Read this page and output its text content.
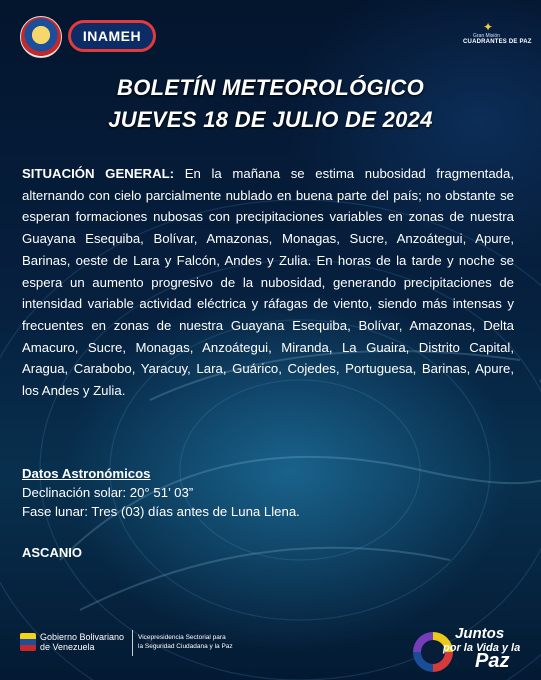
INAMEH
✦
Gran Misión
CUADRANTES DE PAZ
BOLETÍN METEOROLÓGICO
JUEVES 18 DE JULIO DE 2024
SITUACIÓN GENERAL: En la mañana se estima nubosidad fragmentada, alternando con cielo parcialmente nublado en buena parte del país; no obstante se esperan formaciones nubosas con precipitaciones variables en zonas de nuestra Guayana Esequiba, Bolívar, Amazonas, Monagas, Sucre, Anzoátegui, Apure, Barinas, oeste de Lara y Falcón, Andes y Zulia. En horas de la tarde y noche se espera un aumento progresivo de la nubosidad, generando precipitaciones de intensidad variable actividad eléctrica y ráfagas de viento, siendo más intensas y frecuentes en zonas de nuestra Guayana Esequiba, Bolívar, Amazonas, Delta Amacuro, Sucre, Monagas, Anzoátegui, Miranda, La Guaira, Distrito Capital, Aragua, Carabobo, Yaracuy, Lara, Guárico, Cojedes, Portuguesa, Barinas, Apure, los Andes y Zulia.
Datos Astronómicos
Declinación solar: 20° 51’ 03”
Fase lunar: Tres (03) días antes de Luna Llena.
ASCANIO
Gobierno Bolivariano
de Venezuela
Vicepresidencia Sectorial para
la Seguridad Ciudadana y la Paz
Juntos
por la Vida y la
Paz
